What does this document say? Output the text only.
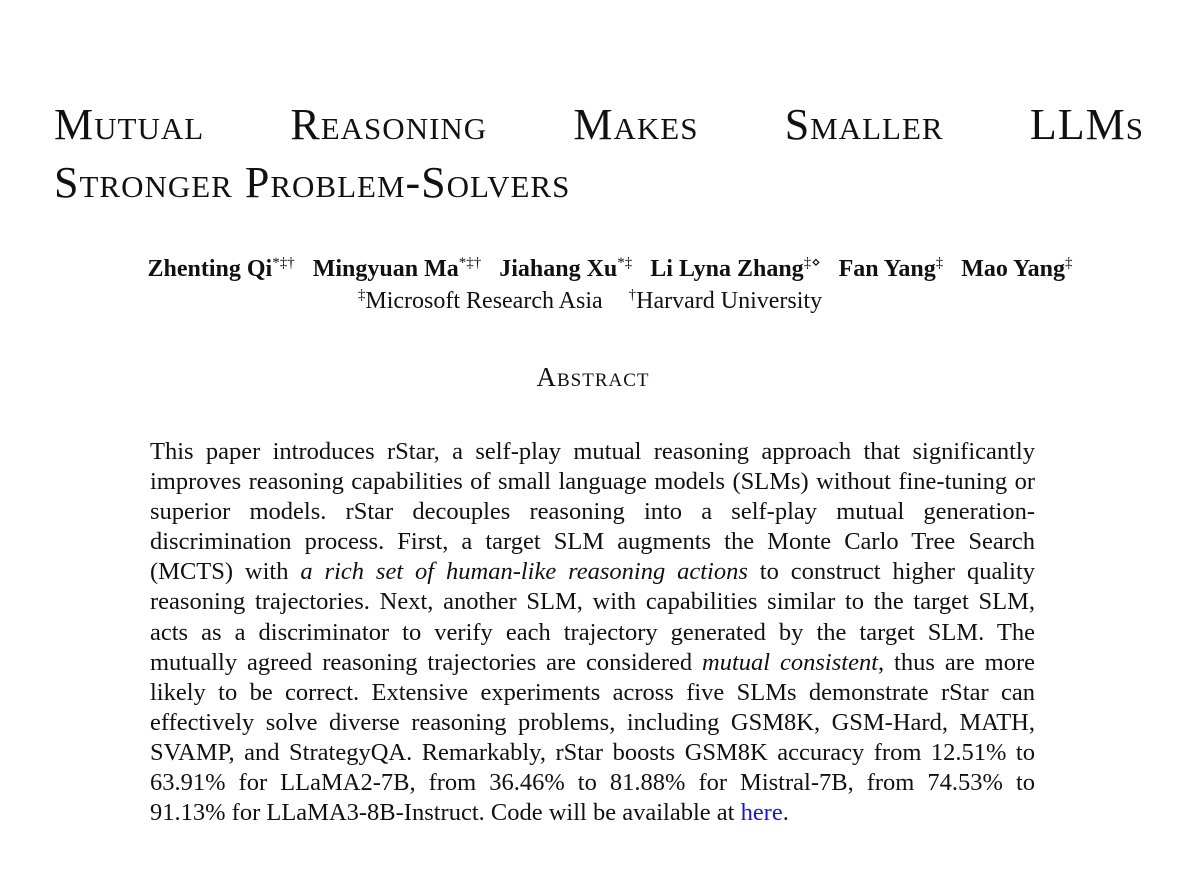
Mutual Reasoning Makes Smaller LLMs
Stronger Problem-Solvers
Zhenting Qi*‡† Mingyuan Ma*‡† Jiahang Xu*‡ Li Lyna Zhang‡⋄ Fan Yang‡ Mao Yang‡
‡Microsoft Research Asia †Harvard University
Abstract

This paper introduces rStar, a self-play mutual reasoning approach that significantly improves reasoning capabilities of small language models (SLMs) without fine-tuning or superior models. rStar decouples reasoning into a self-play mutual generation-discrimination process. First, a target SLM augments the Monte Carlo Tree Search (MCTS) with a rich set of human-like reasoning actions to construct higher quality reasoning trajectories. Next, another SLM, with capabilities similar to the target SLM, acts as a discriminator to verify each trajectory generated by the target SLM. The mutually agreed reasoning trajectories are considered mutual consistent, thus are more likely to be correct. Extensive experiments across five SLMs demonstrate rStar can effectively solve diverse reasoning problems, including GSM8K, GSM-Hard, MATH, SVAMP, and StrategyQA. Remarkably, rStar boosts GSM8K accuracy from 12.51% to 63.91% for LLaMA2-7B, from 36.46% to 81.88% for Mistral-7B, from 74.53% to 91.13% for LLaMA3-8B-Instruct. Code will be available at here.
